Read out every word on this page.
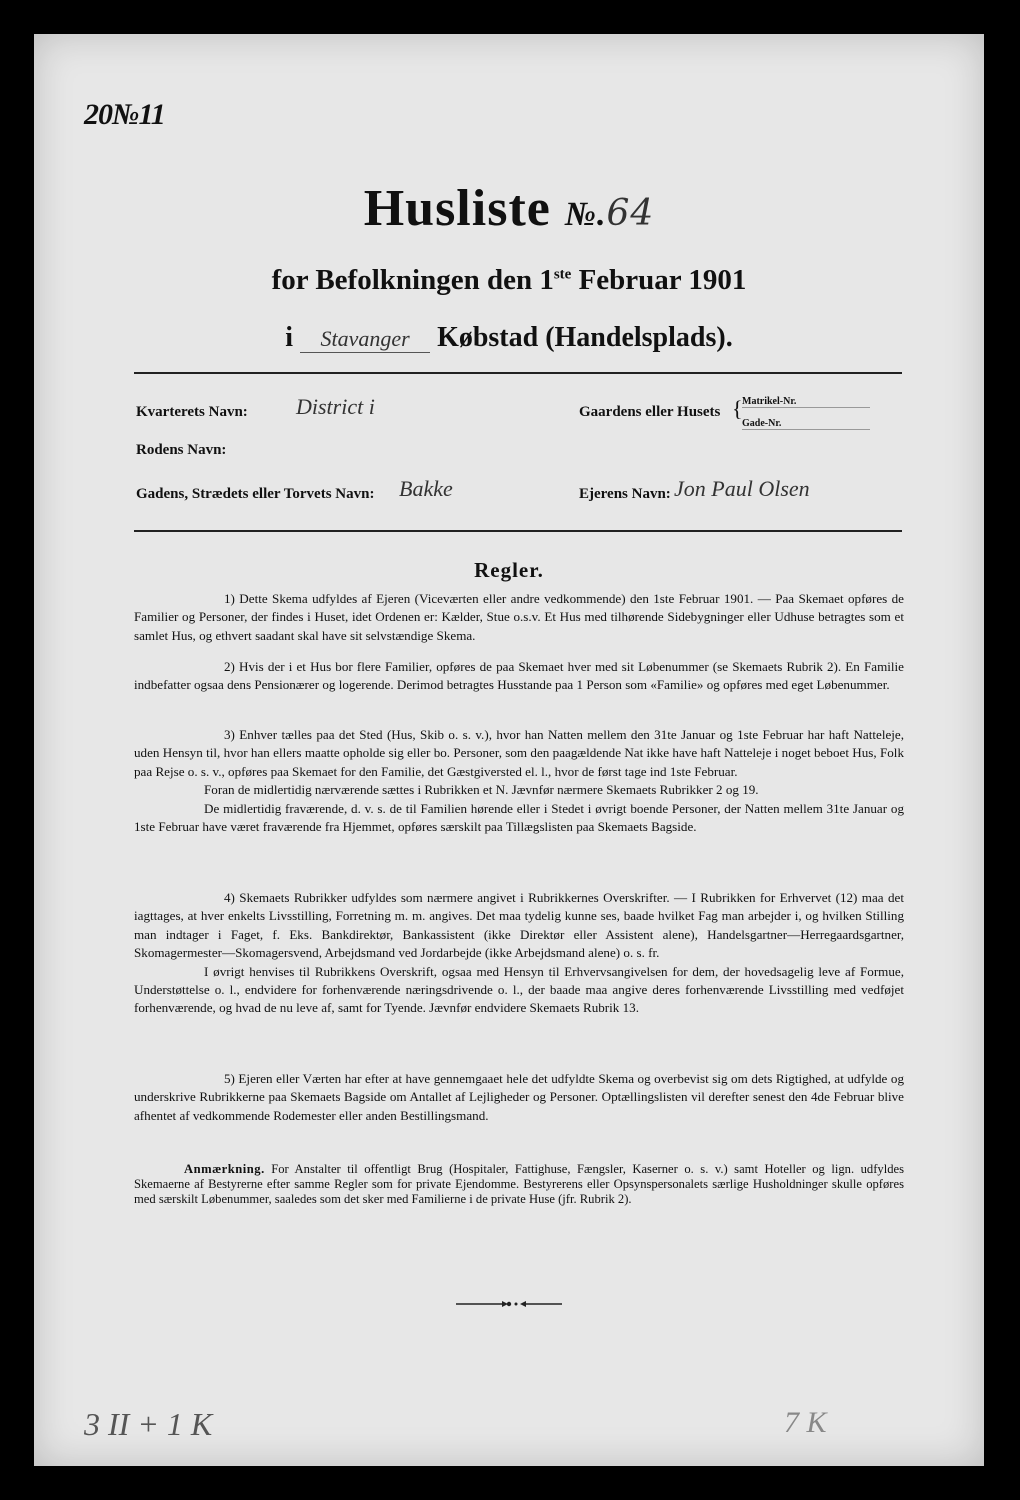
20№11
Husliste №.64
for Befolkningen den 1ste Februar 1901
i Stavanger Købstad (Handelsplads).
Kvarterets Navn: District i	Gaardens eller Husets { Matrikel-Nr.
Gade-Nr.
Rodens Navn:
Gadens, Strædets eller Torvets Navn: Bakke	Ejerens Navn: Jon Paul Olsen
Regler.

1) Dette Skema udfyldes af Ejeren (Viceværten eller andre vedkommende) den 1ste Februar 1901. — Paa Skemaet opføres de Familier og Personer, der findes i Huset, idet Ordenen er: Kælder, Stue o.s.v. Et Hus med tilhørende Sidebygninger eller Udhuse betragtes som et samlet Hus, og ethvert saadant skal have sit selvstændige Skema.

2) Hvis der i et Hus bor flere Familier, opføres de paa Skemaet hver med sit Løbenummer (se Skemaets Rubrik 2). En Familie indbefatter ogsaa dens Pensionærer og logerende. Derimod betragtes Husstande paa 1 Person som «Familie» og opføres med eget Løbenummer.

3) Enhver tælles paa det Sted (Hus, Skib o. s. v.), hvor han Natten mellem den 31te Januar og 1ste Februar har haft Natteleje, uden Hensyn til, hvor han ellers maatte opholde sig eller bo. Personer, som den paagældende Nat ikke have haft Natteleje i noget beboet Hus, Folk paa Rejse o. s. v., opføres paa Skemaet for den Familie, det Gæstgiversted el. l., hvor de først tage ind 1ste Februar.

Foran de midlertidig nærværende sættes i Rubrikken et N. Jævnfør nærmere Skemaets Rubrikker 2 og 19.

De midlertidig fraværende, d. v. s. de til Familien hørende eller i Stedet i øvrigt boende Personer, der Natten mellem 31te Januar og 1ste Februar have været fraværende fra Hjemmet, opføres særskilt paa Tillægslisten paa Skemaets Bagside.

4) Skemaets Rubrikker udfyldes som nærmere angivet i Rubrikkernes Overskrifter. — I Rubrikken for Erhvervet (12) maa det iagttages, at hver enkelts Livsstilling, Forretning m. m. angives. Det maa tydelig kunne ses, baade hvilket Fag man arbejder i, og hvilken Stilling man indtager i Faget, f. Eks. Bankdirektør, Bankassistent (ikke Direktør eller Assistent alene), Handelsgartner—Herregaardsgartner, Skomagermester—Skomagersvend, Arbejdsmand ved Jordarbejde (ikke Arbejdsmand alene) o. s. fr.

I øvrigt henvises til Rubrikkens Overskrift, ogsaa med Hensyn til Erhvervsangivelsen for dem, der hovedsagelig leve af Formue, Understøttelse o. l., endvidere for forhenværende næringsdrivende o. l., der baade maa angive deres forhenværende Livsstilling med vedføjet forhenværende, og hvad de nu leve af, samt for Tyende. Jævnfør endvidere Skemaets Rubrik 13.

5) Ejeren eller Værten har efter at have gennemgaaet hele det udfyldte Skema og overbevist sig om dets Rigtighed, at udfylde og underskrive Rubrikkerne paa Skemaets Bagside om Antallet af Lejligheder og Personer. Optællingslisten vil derefter senest den 4de Februar blive afhentet af vedkommende Rodemester eller anden Bestillingsmand.

Anmærkning. For Anstalter til offentligt Brug (Hospitaler, Fattighuse, Fængsler, Kaserner o. s. v.) samt Hoteller og lign. udfyldes Skemaerne af Bestyrerne efter samme Regler som for private Ejendomme. Bestyrerens eller Opsynspersonalets særlige Husholdninger skulle opføres med særskilt Løbenummer, saaledes som det sker med Familierne i de private Huse (jfr. Rubrik 2).

3 II + 1 K	7 K
